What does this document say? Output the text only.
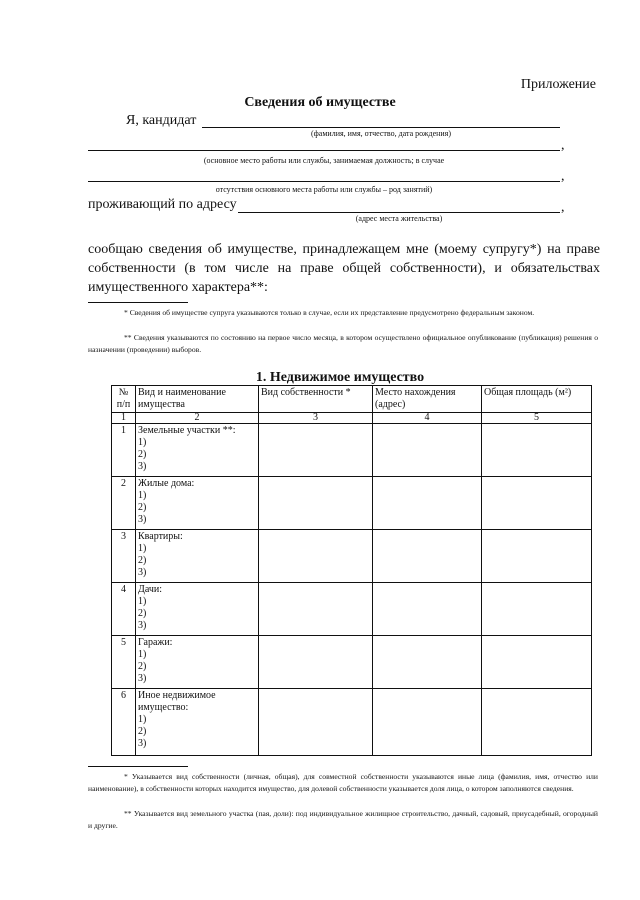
Приложение
Сведения об имуществе
Я, кандидат
(фамилия, имя, отчество, дата рождения)
,
(основное место работы или службы, занимаемая должность; в случае
,
отсутствия основного места работы или службы – род занятий)
проживающий по адресу	,
(адрес места жительства)
сообщаю сведения об имуществе, принадлежащем мне (моему супругу*) на праве
собственности (в том числе на праве общей собственности), и обязательствах
имущественного характера**:
* Сведения об имуществе супруга указываются только в случае, если их представление предусмотрено федеральным законом.
** Сведения указываются по состоянию на первое число месяца, в котором осуществлено официальное опубликование (публикация) решения о назначении (проведении) выборов.
1. Недвижимое имущество
№ п/п	Вид и наименование имущества	Вид собственности *	Место нахождения (адрес)	Общая площадь (м²)
1	2	3	4	5
1	Земельные участки **:
1)
2)
3)			

2	Жилые дома:
1)
2)
3)			

3	Квартиры:
1)
2)
3)			

4	Дачи:
1)
2)
3)			

5	Гаражи:
1)
2)
3)			

6	Иное недвижимое имущество:
1)
2)
3)			

* Указывается вид собственности (личная, общая), для совместной собственности указываются иные лица (фамилия, имя, отчество или наименование), в собственности которых находится имущество, для долевой собственности указывается доля лица, о котором заполняются сведения.
** Указывается вид земельного участка (пая, доли): под индивидуальное жилищное строительство, дачный, садовый, приусадебный, огородный и другие.
